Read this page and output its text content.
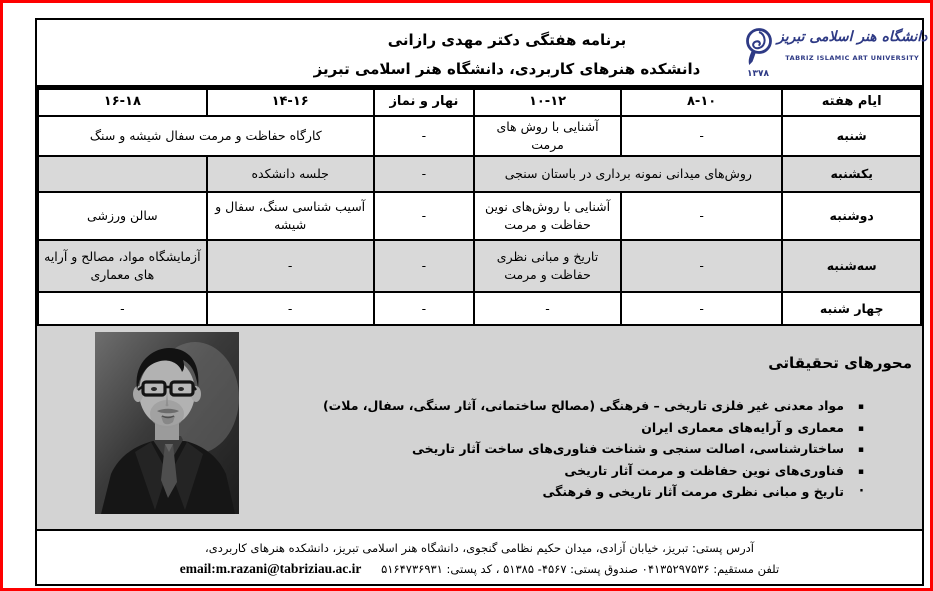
برنامه هفتگی دکتر مهدی رازانی
دانشکده هنرهای کاربردی، دانشگاه هنر اسلامی تبریز	۱۳۷۸
دانشگاه هنر اسلامی تبریز
TABRIZ ISLAMIC ART UNIVERSITY
ایام هفته	۸-۱۰	۱۰-۱۲	نهار و نماز	۱۴-۱۶	۱۶-۱۸
شنبه	-	آشنایی با روش های مرمت	-	کارگاه حفاظت و مرمت سفال شیشه و سنگ	
یکشنبه	روش‌های میدانی نمونه برداری در باستان سنجی		-	جلسه دانشکده	
دوشنبه	-	آشنایی با روش‌های نوین حفاظت و مرمت	-	آسیب شناسی سنگ، سفال و شیشه	سالن ورزشی
سه‌شنبه	-	تاریخ و مبانی نظری حفاظت و مرمت	-	-	آزمایشگاه مواد، مصالح و آرایه های معماری
چهار شنبه	-	-	-	-	-
محورهای تحقیقاتی
▪
مواد معدنی غیر فلزی تاریخی – فرهنگی (مصالح ساختمانی، آثار سنگی، سفال، ملات)
▪
معماری و آرایه‌های معماری ایران
▪
ساختارشناسی، اصالت سنجی و شناخت فناوری‌های ساخت آثار تاریخی
▪
فناوری‌های نوین حفاظت و مرمت آثار تاریخی
·
تاریخ و مبانی نظری مرمت آثار تاریخی و فرهنگی
آدرس پستی: تبریز، خیابان آزادی، میدان حکیم نظامی گنجوی، دانشگاه هنر اسلامی تبریز، دانشکده هنرهای کاربردی،
تلفن مستقیم: ۰۴۱۳۵۲۹۷۵۳۶ صندوق پستی: ۴۵۶۷- ۵۱۳۸۵ ، کد پستی: ۵۱۶۴۷۳۶۹۳۱ email:m.razani@tabriziau.ac.ir
